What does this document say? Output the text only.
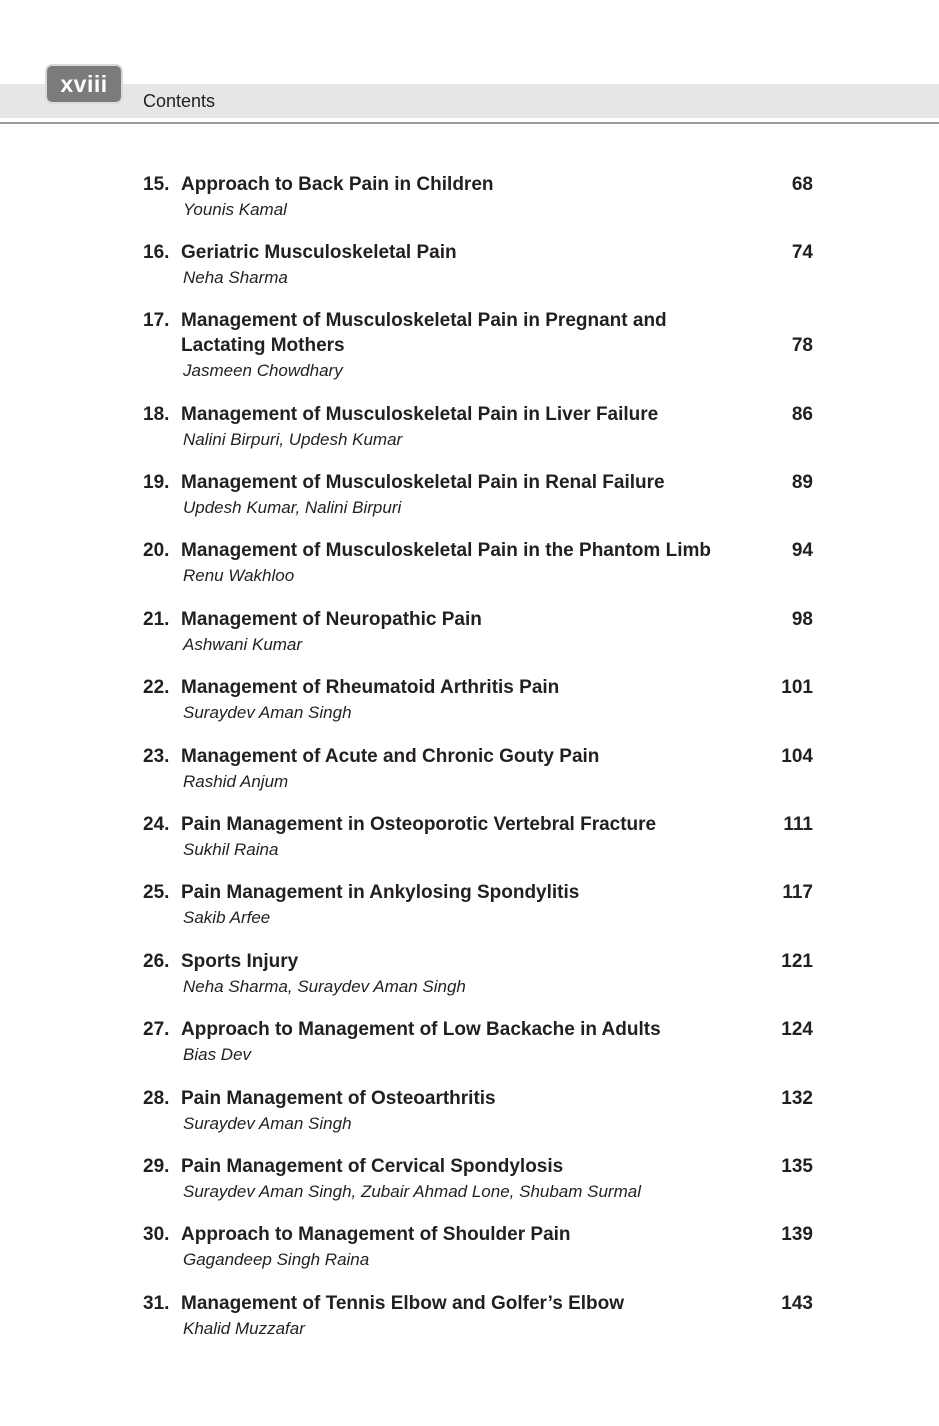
xviii
Contents
15. Approach to Back Pain in Children	68
Younis Kamal
16. Geriatric Musculoskeletal Pain	74
Neha Sharma
17. Management of Musculoskeletal Pain in Pregnant and
Lactating Mothers	78
Jasmeen Chowdhary
18. Management of Musculoskeletal Pain in Liver Failure	86
Nalini Birpuri, Updesh Kumar
19. Management of Musculoskeletal Pain in Renal Failure	89
Updesh Kumar, Nalini Birpuri
20. Management of Musculoskeletal Pain in the Phantom Limb	94
Renu Wakhloo
21. Management of Neuropathic Pain	98
Ashwani Kumar
22. Management of Rheumatoid Arthritis Pain	101
Suraydev Aman Singh
23. Management of Acute and Chronic Gouty Pain	104
Rashid Anjum
24. Pain Management in Osteoporotic Vertebral Fracture	111
Sukhil Raina
25. Pain Management in Ankylosing Spondylitis	117
Sakib Arfee
26. Sports Injury	121
Neha Sharma, Suraydev Aman Singh
27. Approach to Management of Low Backache in Adults	124
Bias Dev
28. Pain Management of Osteoarthritis	132
Suraydev Aman Singh
29. Pain Management of Cervical Spondylosis	135
Suraydev Aman Singh, Zubair Ahmad Lone, Shubam Surmal
30. Approach to Management of Shoulder Pain	139
Gagandeep Singh Raina
31. Management of Tennis Elbow and Golfer’s Elbow	143
Khalid Muzzafar
